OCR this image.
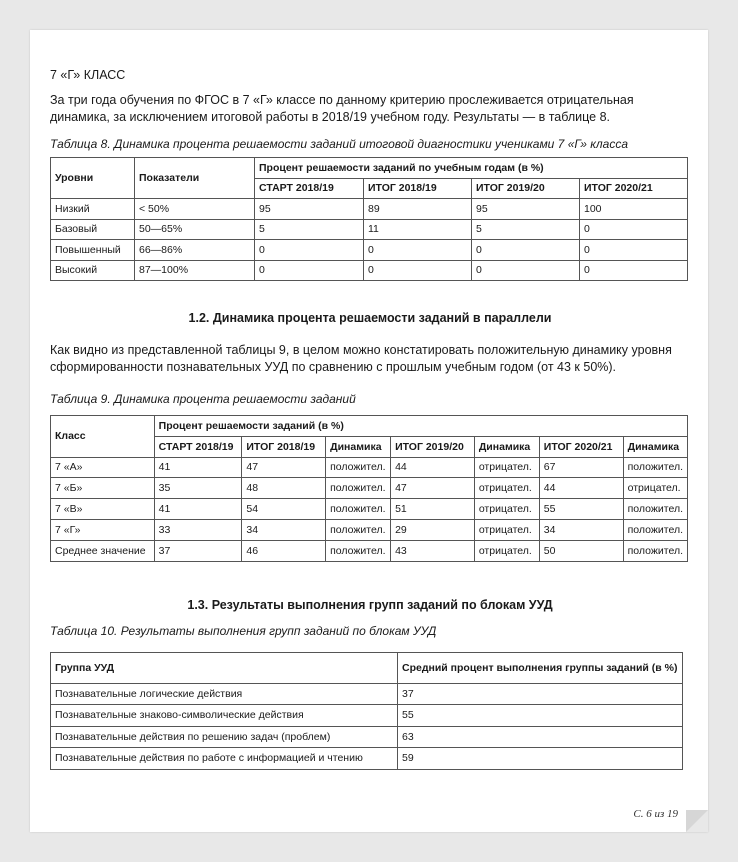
7 «Г» КЛАСС

За три года обучения по ФГОС в 7 «Г» классе по данному критерию прослеживается отрицательная динамика, за исключением итоговой работы в 2018/19 учебном году. Результаты — в таблице 8.

Таблица 8. Динамика процента решаемости заданий итоговой диагностики учениками 7 «Г» класса

Уровни	Показатели	Процент решаемости заданий по учебным годам (в %)			
		СТАРТ 2018/19	ИТОГ 2018/19	ИТОГ 2019/20	ИТОГ 2020/21
Низкий	< 50%	95	89	95	100
Базовый	50—65%	5	11	5	0
Повышенный	66—86%	0	0	0	0
Высокий	87—100%	0	0	0	0

1.2. Динамика процента решаемости заданий в параллели

Как видно из представленной таблицы 9, в целом можно констатировать положительную динамику уровня сформированности познавательных УУД по сравнению с прошлым учебным годом (от 43 к 50%).

Таблица 9. Динамика процента решаемости заданий

Класс	Процент решаемости заданий (в %)						
	СТАРТ 2018/19	ИТОГ 2018/19	Динамика	ИТОГ 2019/20	Динамика	ИТОГ 2020/21	Динамика
7 «А»	41	47	положител.	44	отрицател.	67	положител.
7 «Б»	35	48	положител.	47	отрицател.	44	отрицател.
7 «В»	41	54	положител.	51	отрицател.	55	положител.
7 «Г»	33	34	положител.	29	отрицател.	34	положител.
Среднее значение	37	46	положител.	43	отрицател.	50	положител.

1.3. Результаты выполнения групп заданий по блокам УУД

Таблица 10. Результаты выполнения групп заданий по блокам УУД

Группа УУД	Средний процент выполнения группы заданий (в %)
Познавательные логические действия	37
Познавательные знаково-символические действия	55
Познавательные действия по решению задач (проблем)	63
Познавательные действия по работе с информацией и чтению	59
С. 6 из 19
